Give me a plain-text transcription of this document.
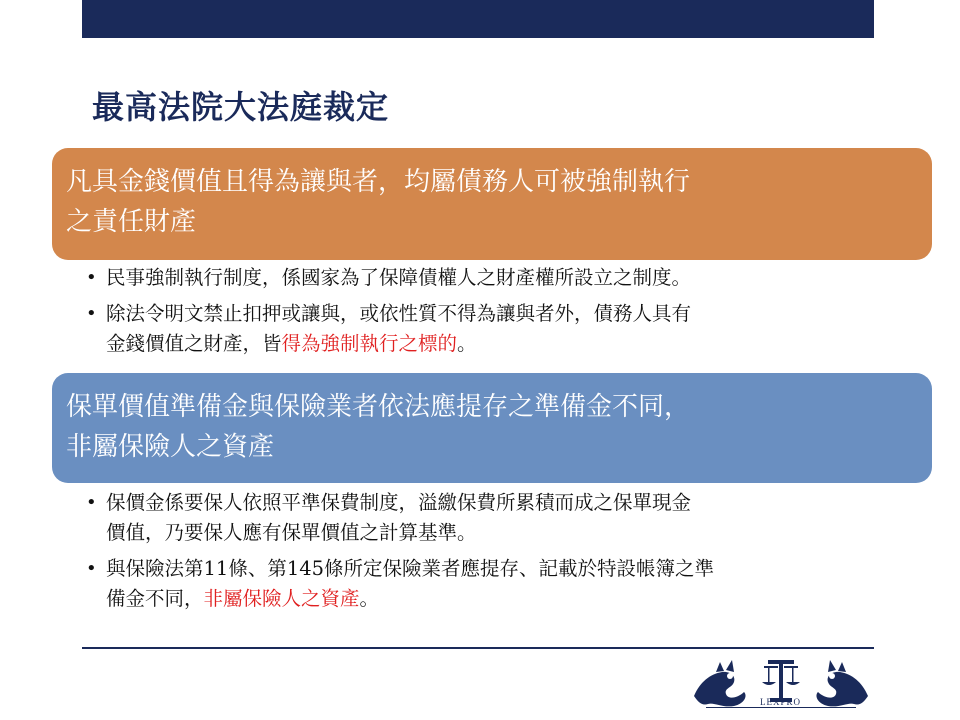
最高法院大法庭裁定
凡具金錢價值且得為讓與者，均屬債務人可被強制執行
之責任財產
• 民事強制執行制度，係國家為了保障債權人之財產權所設立之制度。
• 除法令明文禁止扣押或讓與，或依性質不得為讓與者外，債務人具有
金錢價值之財產，皆得為強制執行之標的。
保單價值準備金與保險業者依法應提存之準備金不同，
非屬保險人之資產
• 保價金係要保人依照平準保費制度，溢繳保費所累積而成之保單現金
價值，乃要保人應有保單價值之計算基準。
• 與保險法第11條、第145條所定保險業者應提存、記載於特設帳簿之準
備金不同，非屬保險人之資產。
LEXPRO
